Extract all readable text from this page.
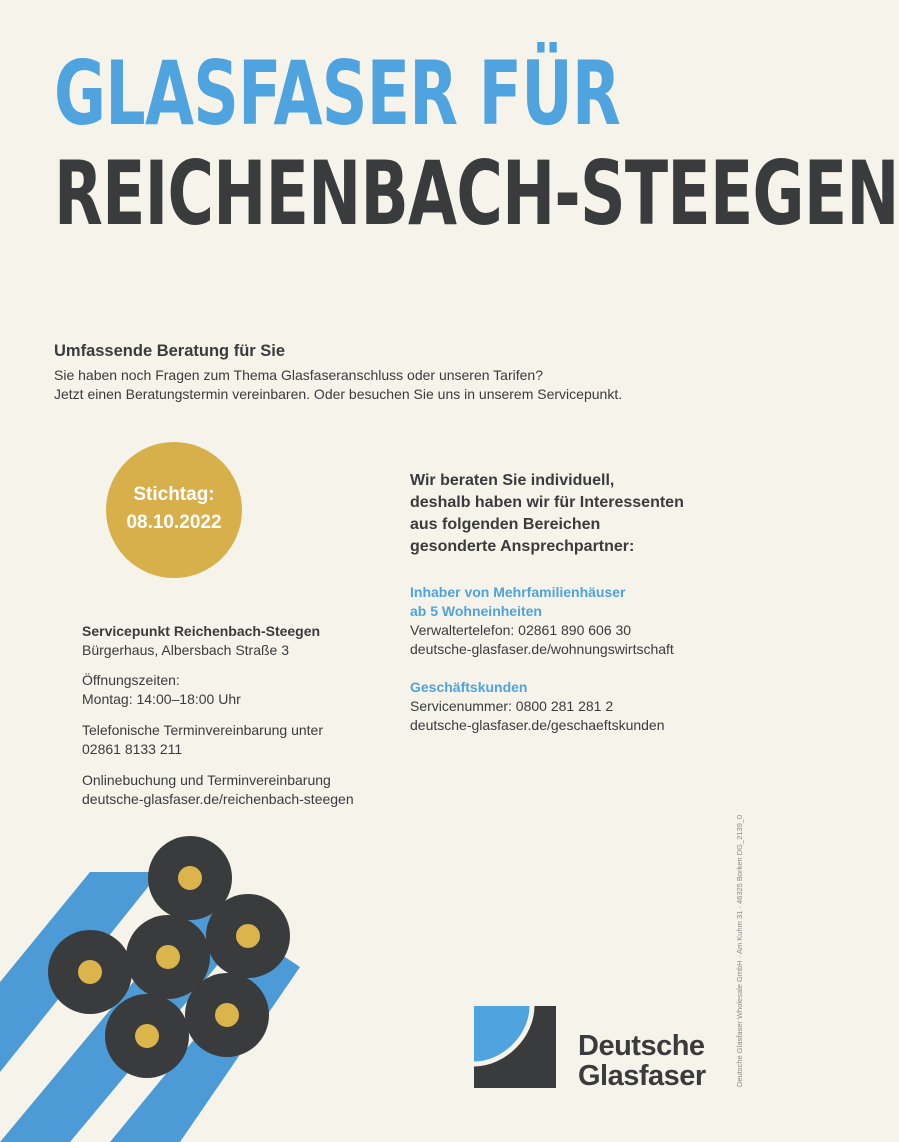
GLASFASER FÜR
REICHENBACH-STEEGEN

Umfassende Beratung für Sie

Sie haben noch Fragen zum Thema Glasfaseranschluss oder unseren Tarifen?

Jetzt einen Beratungstermin vereinbaren. Oder besuchen Sie uns in unserem Servicepunkt.

Stichtag:
08.10.2022
Servicepunkt Reichenbach-Steegen
Bürgerhaus, Albersbach Straße 3
Öffnungszeiten:
Montag: 14:00–18:00 Uhr
Telefonische Terminvereinbarung unter
02861 8133 211
Onlinebuchung und Terminvereinbarung
deutsche-glasfaser.de/reichenbach-steegen
Wir beraten Sie individuell,
deshalb haben wir für Interessenten
aus folgenden Bereichen
gesonderte Ansprechpartner:
Inhaber von Mehrfamilienhäuser
ab 5 Wohneinheiten
Verwaltertelefon: 02861 890 606 30
deutsche-glasfaser.de/wohnungswirtschaft
Geschäftskunden
Servicenummer: 0800 281 281 2
deutsche-glasfaser.de/geschaeftskunden
Deutsche Glasfaser Wholesale GmbH · Am Kuhm 31 · 46325 Borken DG_2139_0
Deutsche
Glasfaser
